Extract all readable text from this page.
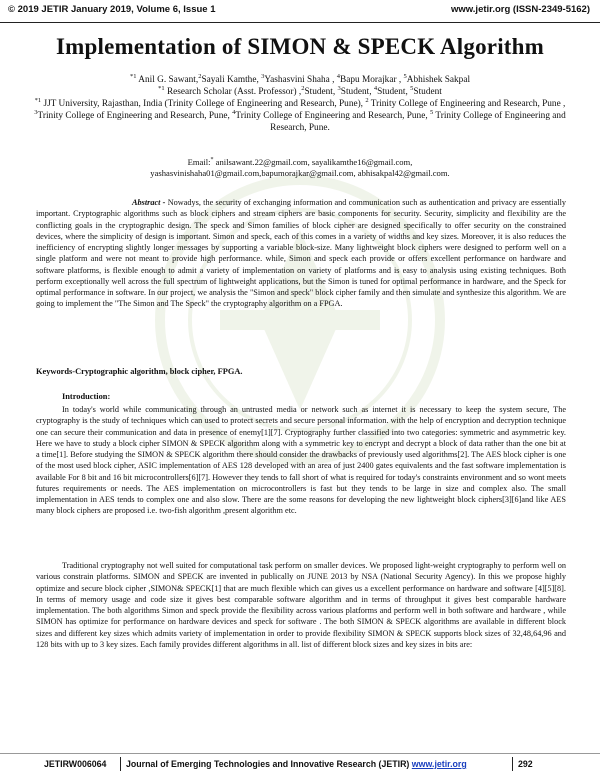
© 2019 JETIR January 2019, Volume 6, Issue 1	www.jetir.org (ISSN-2349-5162)
Implementation of SIMON & SPECK Algorithm
$^{*1}$ Anil G. Sawant,$^2$Sayali Kamthe, $^3$Yashasvini Shaha , $^4$Bapu Morajkar , $^5$Abhishek Sakpal
$^{*1}$ Research Scholar (Asst. Professor) ,$^2$Student, $^3$Student, $^4$Student, $^5$Student
$^{*1}$ JJT University, Rajasthan, India (Trinity College of Engineering and Research, Pune), $^2$ Trinity College of Engineering and Research, Pune , $^3$Trinity College of Engineering and Research, Pune, $^4$Trinity College of Engineering and Research, Pune, $^5$ Trinity College of Engineering and Research, Pune.
Email:* anilsawant.22@gmail.com, sayalikamthe16@gmail.com,
yashasvinishaha01@gmail.com,bapumorajkar@gmail.com, abhisakpal42@gmail.com.
Abstract - Nowadys, the security of exchanging information and communication such as authentication and privacy are essentially important. Cryptographic algorithms such as block ciphers and stream ciphers are basic components for security. Security, simplicity and flexibility are the conflicting goals in the cryptographic design. The speck and Simon families of block cipher are designed specifically to offer security on the constrained devices, where the simplicity of design is important. Simon and speck, each of this comes in a variety of widths and key sizes. Moreover, it is also reduces the inefficiency of encrypting slightly longer messages by supporting a variable block-size. Many lightweight block ciphers were designed to perform well on a single platform and were not meant to provide high performance. while, Simon and speck each provide or offers excellent performance on hardware and software platforms, is flexible enough to admit a variety of implementation on variety of platforms and is easy to analysis using existing techniques. Both perform exceptionally well across the full spectrum of lightweight applications, but the Simon is tuned for optimal performance in hardware, and the Speck for optimal performance in software. In our project, we analysis the "Simon and speck" block cipher family and then simulate and synthesize this algorithm. We are going to implement the "The Simon and The Speck" the cryptography algorithm on a FPGA.
Keywords-Cryptographic algorithm, block cipher, FPGA.
Introduction:

In today's world while communicating through an untrusted media or network such as internet it is necessary to keep the system secure, The cryptography is the study of techniques which can used to protect secrets and secure personal information. with the help of encryption and decryption technique one can secure their communication and data in presence of enemy[1][7]. Cryptography further classified into two categories: symmetric and asymmetric key. Here we have to study a block cipher SIMON & SPECK algorithm along with a symmetric key to encrypt and decrypt a block of data rather than the one bit at a time[1]. Before studying the SIMON & SPECK algorithm there should consider the drawbacks of previously used algorithms[2]. The AES block cipher is one of the most used block cipher, ASIC implementation of AES 128 developed with an area of just 2400 gates equivalents and the fast software implementation is available For 8 bit and 16 bit microcontrollers[6][7]. However they tends to fall short of what is required for today's constraints environment and so wont meets futures requirements or needs. The AES implementation on microcontrollers is fast but they tends to be large in size and complex also. The small implementation in AES tends to complex one and also slow. There are the some reasons for developing the new lightweight block ciphers[3][6]and like AES many block ciphers are proposed i.e. two-fish algorithm ,present algorithm etc.

Traditional cryptography not well suited for computational task perform on smaller devices. We proposed light-weight cryptography to perform well on various constrain platforms. SIMON and SPECK are invented in publically on JUNE 2013 by NSA (National Security Agency). In this we propose highly optimize and secure block cipher ,SIMON& SPECK[1] that are much flexible which can gives us a excellent performance on hardware and software [4][5][8]. In terms of memory usage and code size it gives best comparable software algorithm and in terms of throughput it gives best comparable hardware implementation. The both algorithms Simon and speck provide the flexibility across various platforms and perform well in both software and hardware , while SIMON has optimize for performance on hardware devices and speck for software . The both SIMON & SPECK algorithms are available in different block sizes and different key sizes which admits variety of implementation in order to provide flexibility SIMON & SPECK supports block sizes of 32,48,64,96 and 128 bits with up to 3 key sizes. Each family provides different algorithms in all. list of different block sizes and key sizes in bits are:

JETIRW006064 Journal of Emerging Technologies and Innovative Research (JETIR) www.jetir.org	292
